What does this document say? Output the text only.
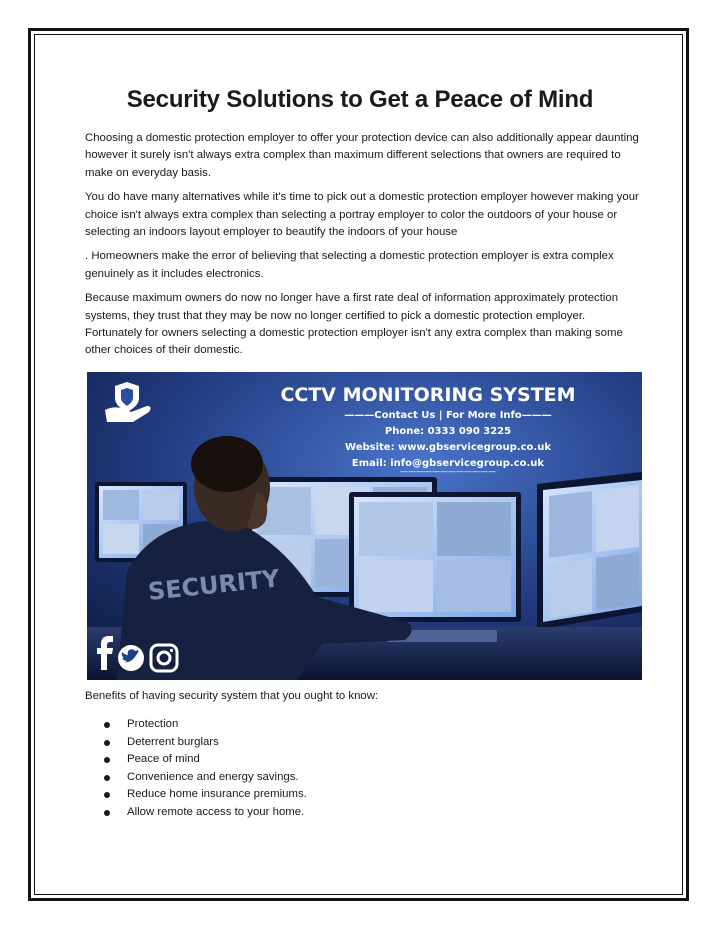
Security Solutions to Get a Peace of Mind

Choosing a domestic protection employer to offer your protection device can also additionally appear daunting however it surely isn't always extra complex than maximum different selections that owners are required to make on everyday basis.

You do have many alternatives while it's time to pick out a domestic protection employer however making your choice isn't always extra complex than selecting a portray employer to color the outdoors of your house or selecting an indoors layout employer to beautify the indoors of your house

. Homeowners make the error of believing that selecting a domestic protection employer is extra complex genuinely as it includes electronics.

Because maximum owners do now no longer have a first rate deal of information approximately protection systems, they trust that they may be now no longer certified to pick a domestic protection employer. Fortunately for owners selecting a domestic protection employer isn't any extra complex than making some other choices of their domestic.

SECURITY
CCTV MONITORING SYSTEM
———Contact Us | For More Info———
Phone: 0333 090 3225
Website: www.gbservicegroup.co.uk
Email: info@gbservicegroup.co.uk
————————————
Benefits of having security system that you ought to know:
Protection
Deterrent burglars
Peace of mind
Convenience and energy savings.
Reduce home insurance premiums.
Allow remote access to your home.
